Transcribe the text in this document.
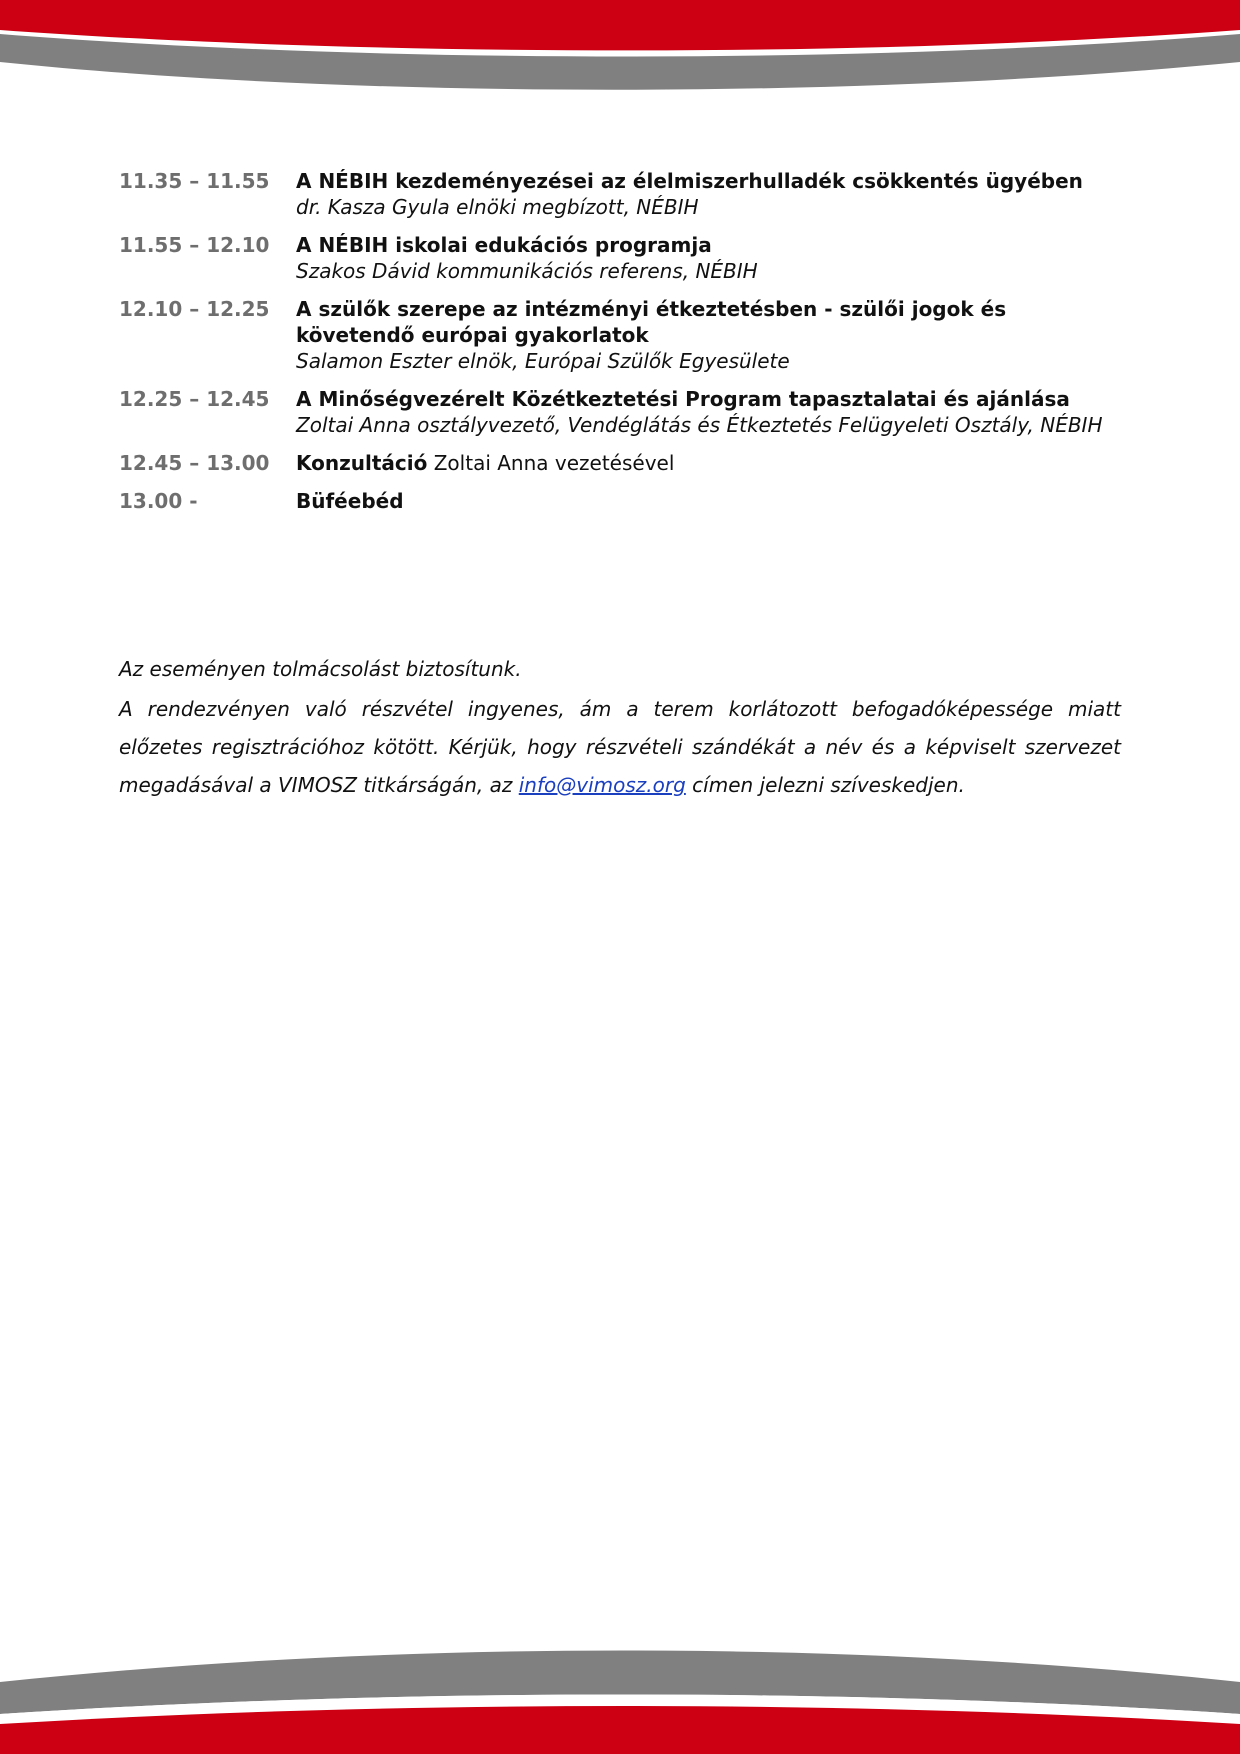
11.35 – 11.55	A NÉBIH kezdeményezései az élelmiszerhulladék csökkentés ügyében
dr. Kasza Gyula elnöki megbízott, NÉBIH
11.55 – 12.10	A NÉBIH iskolai edukációs programja
Szakos Dávid kommunikációs referens, NÉBIH
12.10 – 12.25	A szülők szerepe az intézményi étkeztetésben - szülői jogok és követendő európai gyakorlatok
Salamon Eszter elnök, Európai Szülők Egyesülete
12.25 – 12.45	A Minőségvezérelt Közétkeztetési Program tapasztalatai és ajánlása
Zoltai Anna osztályvezető, Vendéglátás és Étkeztetés Felügyeleti Osztály, NÉBIH
12.45 – 13.00	Konzultáció Zoltai Anna vezetésével
13.00 -	Büféebéd

Az eseményen tolmácsolást biztosítunk.

A rendezvényen való részvétel ingyenes, ám a terem korlátozott befogadóképessége miatt előzetes regisztrációhoz kötött. Kérjük, hogy részvételi szándékát a név és a képviselt szervezet megadásával a VIMOSZ titkárságán, az info@vimosz.org címen jelezni szíveskedjen.
